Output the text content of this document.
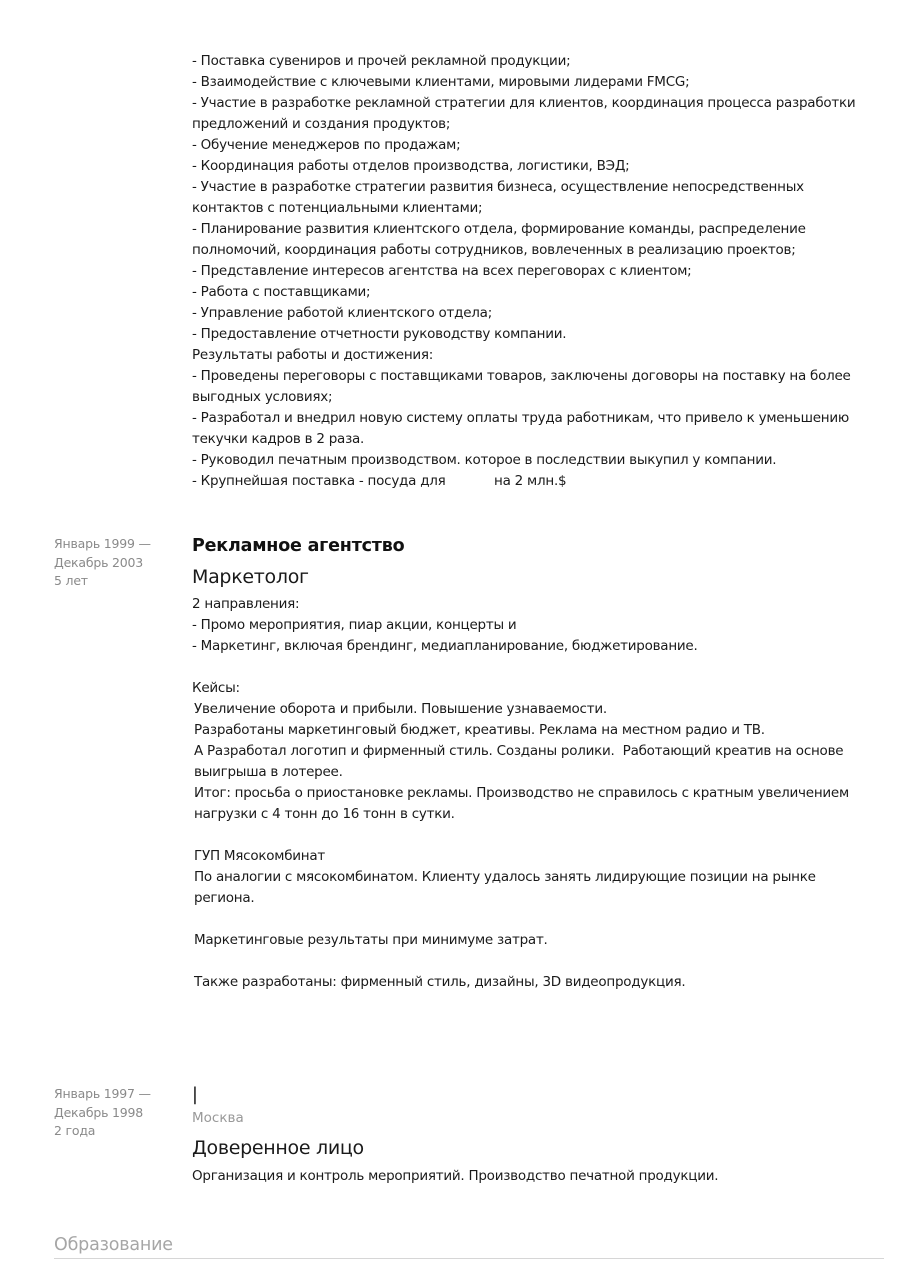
- Поставка сувениров и прочей рекламной продукции;
- Взаимодействие с ключевыми клиентами, мировыми лидерами FMCG;
- Участие в разработке рекламной стратегии для клиентов, координация процесса разработки
предложений и создания продуктов;
- Обучение менеджеров по продажам;
- Координация работы отделов производства, логистики, ВЭД;
- Участие в разработке стратегии развития бизнеса, осуществление непосредственных
контактов с потенциальными клиентами;
- Планирование развития клиентского отдела, формирование команды, распределение
полномочий, координация работы сотрудников, вовлеченных в реализацию проектов;
- Представление интересов агентства на всех переговорах с клиентом;
- Работа с поставщиками;
- Управление работой клиентского отдела;
- Предоставление отчетности руководству компании.
Результаты работы и достижения:
- Проведены переговоры с поставщиками товаров, заключены договоры на поставку на более
выгодных условиях;
- Разработал и внедрил новую систему оплаты труда работникам, что привело к уменьшению
текучки кадров в 2 раза.
- Руководил печатным производством. которое в последствии выкупил у компании.
- Крупнейшая поставка - посуда для            на 2 млн.$
Январь 1999 —
Декабрь 2003
5 лет
Рекламное агентство
Маркетолог
2 направления:
- Промо мероприятия, пиар акции, концерты и
- Маркетинг, включая брендинг, медиапланирование, бюджетирование.
Кейсы:
Увеличение оборота и прибыли. Повышение узнаваемости.
Разработаны маркетинговый бюджет, креативы. Реклама на местном радио и ТВ.
А Разработал логотип и фирменный стиль. Созданы ролики.  Работающий креатив на основе
выигрыша в лотерее.
Итог: просьба о приостановке рекламы. Производство не справилось с кратным увеличением
нагрузки с 4 тонн до 16 тонн в сутки.
ГУП Мясокомбинат
По аналогии с мясокомбинатом. Клиенту удалось занять лидирующие позиции на рынке
региона.
Маркетинговые результаты при минимуме затрат.
Также разработаны: фирменный стиль, дизайны, 3D видеопродукция.
Январь 1997 —
Декабрь 1998
2 года
|
Москва
Доверенное лицо
Организация и контроль мероприятий. Производство печатной продукции.
Образование
